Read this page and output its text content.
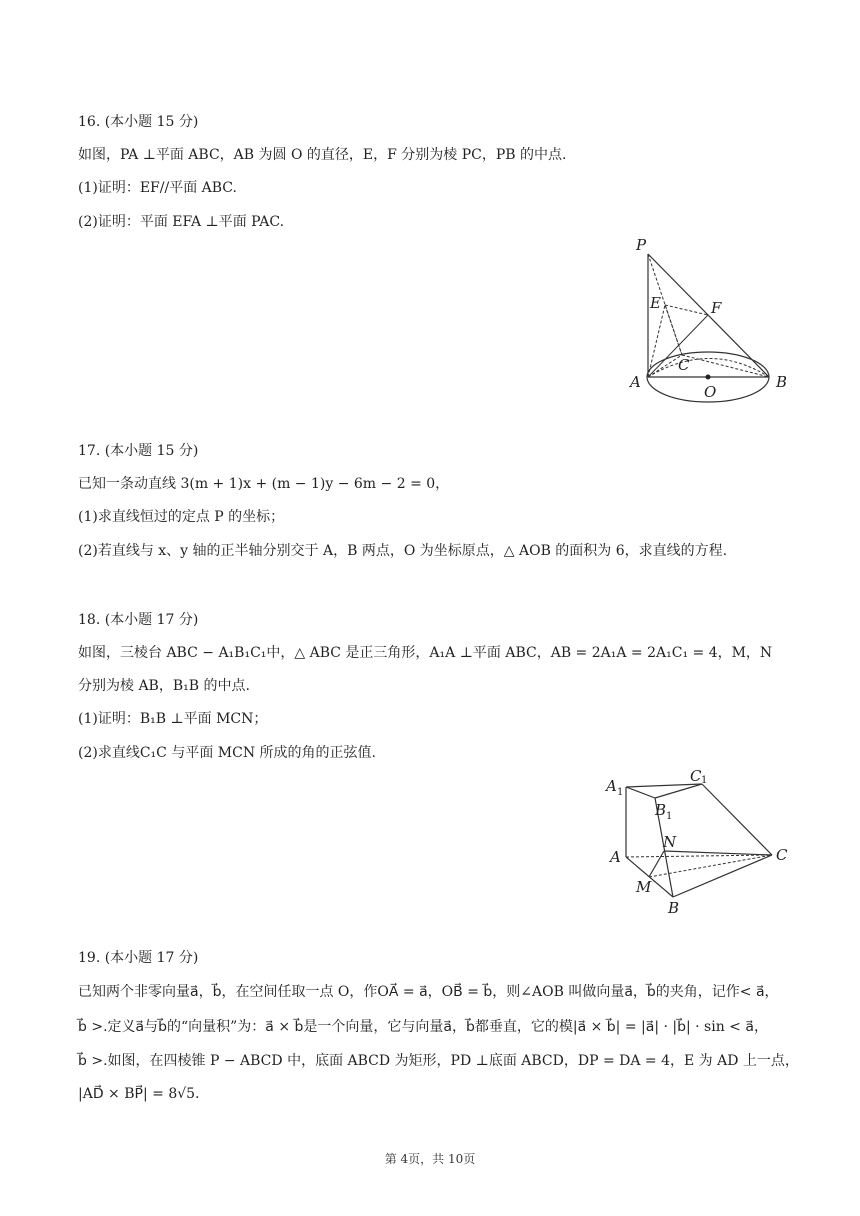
16. (本小题 15 分)
如图，PA ⊥平面 ABC，AB 为圆 O 的直径，E，F 分别为棱 PC，PB 的中点.
(1)证明：EF//平面 ABC.
(2)证明：平面 EFA ⊥平面 PAC.
P
E	F
C
A
O
B
17. (本小题 15 分)
已知一条动直线 3(m + 1)x + (m − 1)y − 6m − 2 = 0，
(1)求直线恒过的定点 P 的坐标；
(2)若直线与 x、y 轴的正半轴分别交于 A，B 两点，O 为坐标原点，△ AOB 的面积为 6，求直线的方程.
18. (本小题 17 分)
如图，三棱台 ABC − A₁B₁C₁中，△ ABC 是正三角形，A₁A ⊥平面 ABC，AB = 2A₁A = 2A₁C₁ = 4，M，N
分别为棱 AB，B₁B 的中点.
(1)证明：B₁B ⊥平面 MCN；
(2)求直线C₁C 与平面 MCN 所成的角的正弦值.
A 1
C 1
B 1
N
A	C
M
B
19. (本小题 17 分)
已知两个非零向量a⃗，b⃗，在空间任取一点 O，作OA⃗ = a⃗，OB⃗ = b⃗，则∠AOB 叫做向量a⃗，b⃗的夹角，记作< a⃗，
b⃗ >.定义a⃗与b⃗的“向量积”为：a⃗ × b⃗是一个向量，它与向量a⃗，b⃗都垂直，它的模|a⃗ × b⃗| = |a⃗| · |b⃗| · sin < a⃗，
b⃗ >.如图，在四棱锥 P − ABCD 中，底面 ABCD 为矩形，PD ⊥底面 ABCD，DP = DA = 4，E 为 AD 上一点，
|AD⃗ × BP⃗| = 8√5.
第 4页，共 10页
